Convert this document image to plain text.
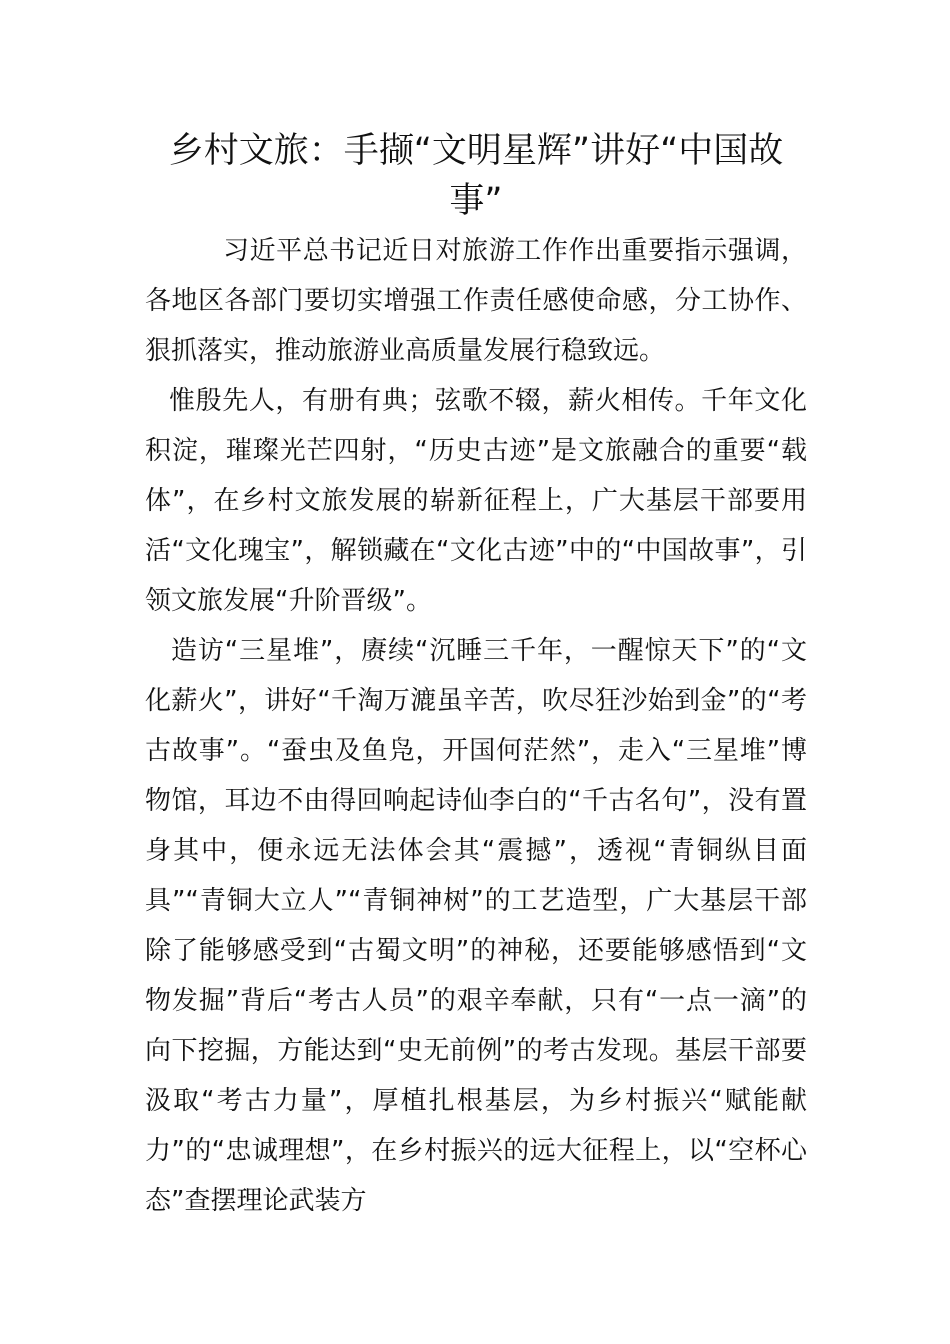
乡村文旅：手撷“文明星辉”讲好“中国故事”

习近平总书记近日对旅游工作作出重要指示强调，各地区各部门要切实增强工作责任感使命感，分工协作、狠抓落实，推动旅游业高质量发展行稳致远。

惟殷先人，有册有典；弦歌不辍，薪火相传。千年文化积淀，璀璨光芒四射，“历史古迹”是文旅融合的重要“载体”，在乡村文旅发展的崭新征程上，广大基层干部要用活“文化瑰宝”，解锁藏在“文化古迹”中的“中国故事”，引领文旅发展“升阶晋级”。

造访“三星堆”，赓续“沉睡三千年，一醒惊天下”的“文化薪火”，讲好“千淘万漉虽辛苦，吹尽狂沙始到金”的“考古故事”。“蚕虫及鱼凫，开国何茫然”，走入“三星堆”博物馆，耳边不由得回响起诗仙李白的“千古名句”，没有置身其中，便永远无法体会其“震撼”，透视“青铜纵目面具”“青铜大立人”“青铜神树”的工艺造型，广大基层干部除了能够感受到“古蜀文明”的神秘，还要能够感悟到“文物发掘”背后“考古人员”的艰辛奉献，只有“一点一滴”的向下挖掘，方能达到“史无前例”的考古发现。基层干部要汲取“考古力量”，厚植扎根基层，为乡村振兴“赋能献力”的“忠诚理想”，在乡村振兴的远大征程上，以“空杯心态”查摆理论武装方
